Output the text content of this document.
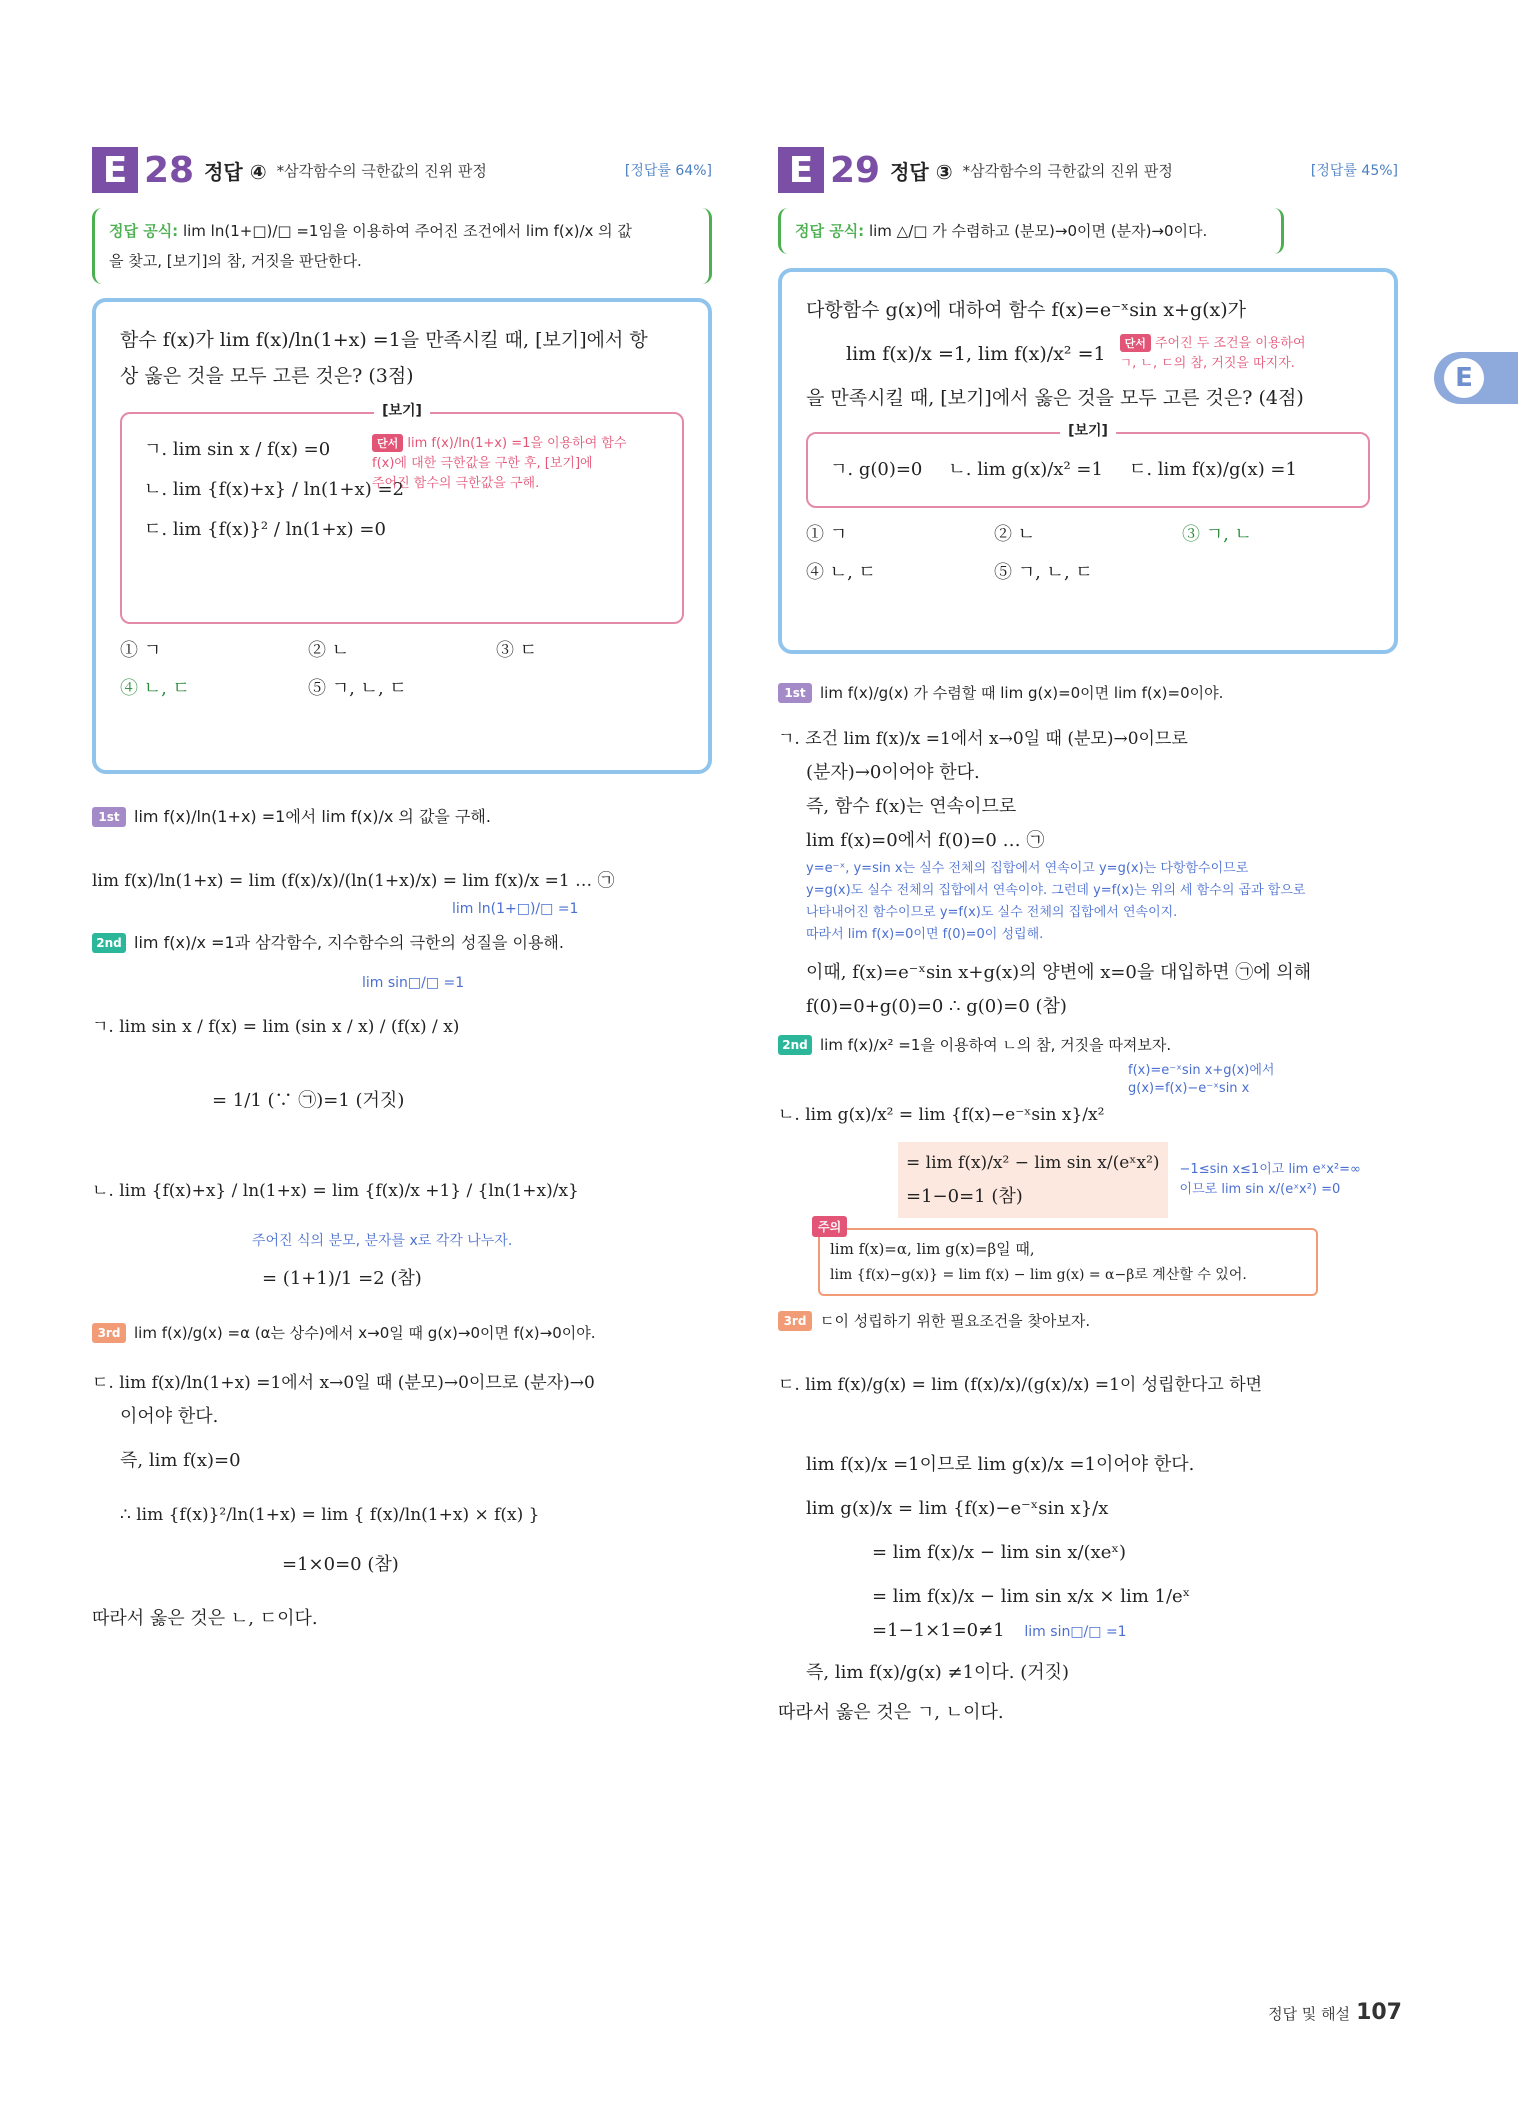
E 28 정답 ④ *삼각함수의 극한값의 진위 판정	[정답률 64%]
정답 공식: lim ln(1+□)/□ =1임을 이용하여 주어진 조건에서 lim f(x)/x 의 값
을 찾고, [보기]의 참, 거짓을 판단한다.
함수 f(x)가 lim f(x)/ln(1+x) =1을 만족시킬 때, [보기]에서 항
상 옳은 것을 모두 고른 것은? (3점)
[보기]
ㄱ. lim sin x / f(x) =0
ㄴ. lim {f(x)+x} / ln(1+x) =2
ㄷ. lim {f(x)}² / ln(1+x) =0
단서 lim f(x)/ln(1+x) =1을 이용하여 함수
f(x)에 대한 극한값을 구한 후, [보기]에
주어진 함수의 극한값을 구해.
① ㄱ	② ㄴ	③ ㄷ
④ ㄴ, ㄷ	⑤ ㄱ, ㄴ, ㄷ
1st lim f(x)/ln(1+x) =1에서 lim f(x)/x 의 값을 구해.
lim f(x)/ln(1+x) = lim (f(x)/x)/(ln(1+x)/x) = lim f(x)/x =1 … ㉠
lim ln(1+□)/□ =1
2nd lim f(x)/x =1과 삼각함수, 지수함수의 극한의 성질을 이용해.
lim sin□/□ =1
ㄱ. lim sin x / f(x) = lim (sin x / x) / (f(x) / x)
= 1/1 (∵ ㉠)=1 (거짓)
ㄴ. lim {f(x)+x} / ln(1+x) = lim {f(x)/x +1} / {ln(1+x)/x}
주어진 식의 분모, 분자를 x로 각각 나누자.
= (1+1)/1 =2 (참)
3rd lim f(x)/g(x) =α (α는 상수)에서 x→0일 때 g(x)→0이면 f(x)→0이야.
ㄷ. lim f(x)/ln(1+x) =1에서 x→0일 때 (분모)→0이므로 (분자)→0
이어야 한다.
즉, lim f(x)=0
∴ lim {f(x)}²/ln(1+x) = lim { f(x)/ln(1+x) × f(x) }
=1×0=0 (참)
따라서 옳은 것은 ㄴ, ㄷ이다.
E 29 정답 ③ *삼각함수의 극한값의 진위 판정	[정답률 45%]
정답 공식: lim △/□ 가 수렴하고 (분모)→0이면 (분자)→0이다.
다항함수 g(x)에 대하여 함수 f(x)=e⁻ˣsin x+g(x)가
lim f(x)/x =1, lim f(x)/x² =1	단서 주어진 두 조건을 이용하여
ㄱ, ㄴ, ㄷ의 참, 거짓을 따지자.
을 만족시킬 때, [보기]에서 옳은 것을 모두 고른 것은? (4점)
[보기]
ㄱ. g(0)=0 ㄴ. lim g(x)/x² =1 ㄷ. lim f(x)/g(x) =1
① ㄱ	② ㄴ	③ ㄱ, ㄴ
④ ㄴ, ㄷ	⑤ ㄱ, ㄴ, ㄷ
1st lim f(x)/g(x) 가 수렴할 때 lim g(x)=0이면 lim f(x)=0이야.
ㄱ. 조건 lim f(x)/x =1에서 x→0일 때 (분모)→0이므로
(분자)→0이어야 한다.
즉, 함수 f(x)는 연속이므로
lim f(x)=0에서 f(0)=0 … ㉠
y=e⁻ˣ, y=sin x는 실수 전체의 집합에서 연속이고 y=g(x)는 다항함수이므로
y=g(x)도 실수 전체의 집합에서 연속이야. 그런데 y=f(x)는 위의 세 함수의 곱과 합으로
나타내어진 함수이므로 y=f(x)도 실수 전체의 집합에서 연속이지.
따라서 lim f(x)=0이면 f(0)=0이 성립해.
이때, f(x)=e⁻ˣsin x+g(x)의 양변에 x=0을 대입하면 ㉠에 의해
f(0)=0+g(0)=0 ∴ g(0)=0 (참)
2nd lim f(x)/x² =1을 이용하여 ㄴ의 참, 거짓을 따져보자.
f(x)=e⁻ˣsin x+g(x)에서
g(x)=f(x)−e⁻ˣsin x
ㄴ. lim g(x)/x² = lim {f(x)−e⁻ˣsin x}/x²
= lim f(x)/x² − lim sin x/(eˣx²)
=1−0=1 (참)
−1≤sin x≤1이고 lim eˣx²=∞
이므로 lim sin x/(eˣx²) =0
주의
lim f(x)=α, lim g(x)=β일 때,
lim {f(x)−g(x)} = lim f(x) − lim g(x) = α−β로 계산할 수 있어.
3rd ㄷ이 성립하기 위한 필요조건을 찾아보자.
ㄷ. lim f(x)/g(x) = lim (f(x)/x)/(g(x)/x) =1이 성립한다고 하면
lim f(x)/x =1이므로 lim g(x)/x =1이어야 한다.
lim g(x)/x = lim {f(x)−e⁻ˣsin x}/x
= lim f(x)/x − lim sin x/(xeˣ)
= lim f(x)/x − lim sin x/x × lim 1/eˣ
=1−1×1=0≠1 lim sin□/□ =1
즉, lim f(x)/g(x) ≠1이다. (거짓)
따라서 옳은 것은 ㄱ, ㄴ이다.
E
정답 및 해설 107
